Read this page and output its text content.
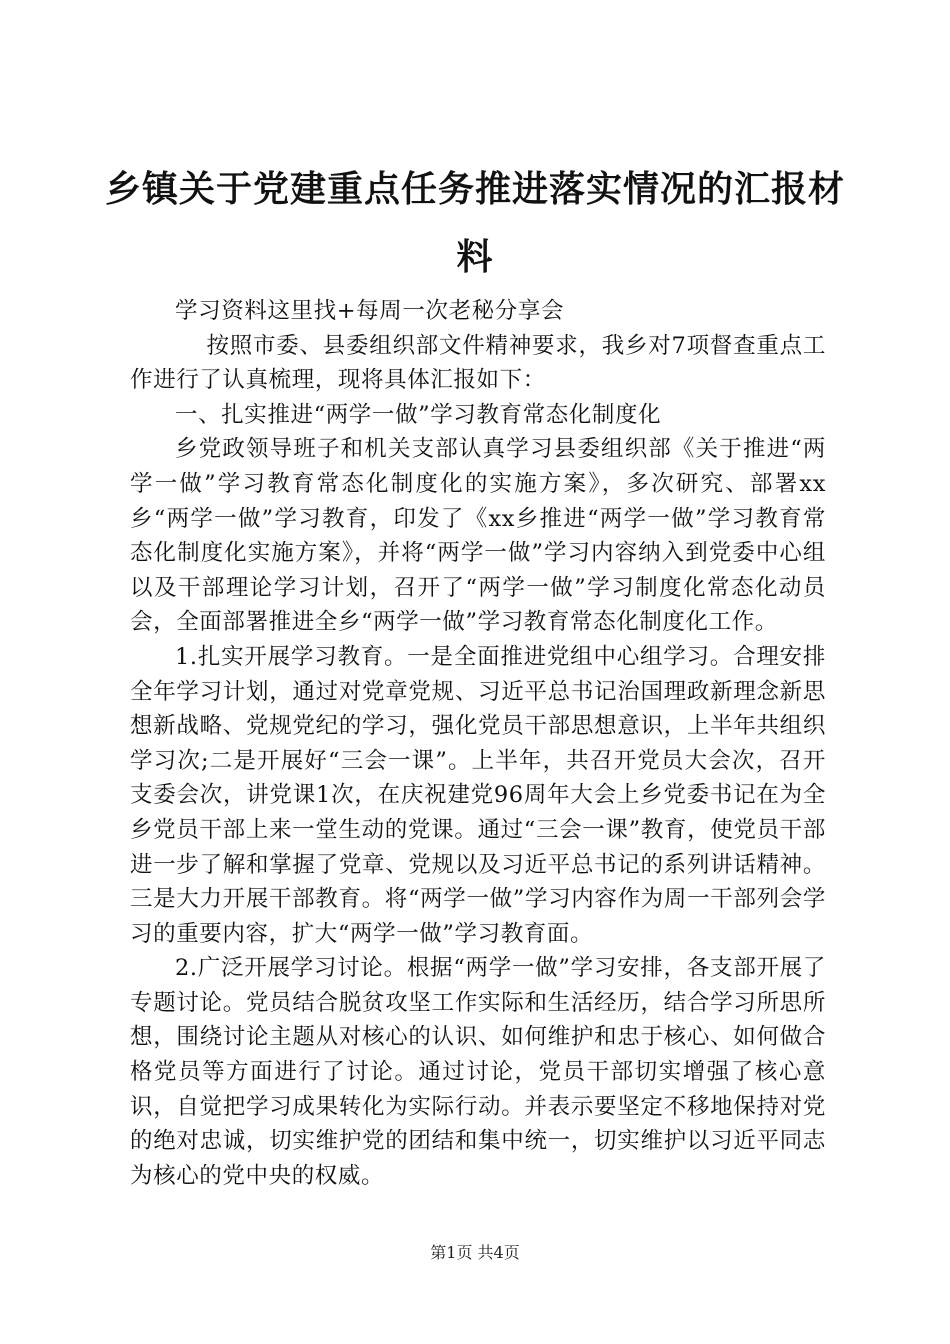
乡镇关于党建重点任务推进落实情况的汇报材料

学习资料这里找+每周一次老秘分享会

按照市委、县委组织部文件精神要求，我乡对7项督查重点工作进行了认真梳理，现将具体汇报如下：

一、扎实推进“两学一做”学习教育常态化制度化

乡党政领导班子和机关支部认真学习县委组织部《关于推进“两学一做”学习教育常态化制度化的实施方案》，多次研究、部署xx乡“两学一做”学习教育，印发了《xx乡推进“两学一做”学习教育常态化制度化实施方案》，并将“两学一做”学习内容纳入到党委中心组以及干部理论学习计划，召开了“两学一做”学习制度化常态化动员会，全面部署推进全乡“两学一做”学习教育常态化制度化工作。

1.扎实开展学习教育。一是全面推进党组中心组学习。合理安排全年学习计划，通过对党章党规、习近平总书记治国理政新理念新思想新战略、党规党纪的学习，强化党员干部思想意识，上半年共组织学习次;二是开展好“三会一课”。上半年，共召开党员大会次，召开支委会次，讲党课1次，在庆祝建党96周年大会上乡党委书记在为全乡党员干部上来一堂生动的党课。通过“三会一课”教育，使党员干部进一步了解和掌握了党章、党规以及习近平总书记的系列讲话精神。三是大力开展干部教育。将“两学一做”学习内容作为周一干部列会学习的重要内容，扩大“两学一做”学习教育面。

2.广泛开展学习讨论。根据“两学一做”学习安排，各支部开展了专题讨论。党员结合脱贫攻坚工作实际和生活经历，结合学习所思所想，围绕讨论主题从对核心的认识、如何维护和忠于核心、如何做合格党员等方面进行了讨论。通过讨论，党员干部切实增强了核心意识，自觉把学习成果转化为实际行动。并表示要坚定不移地保持对党的绝对忠诚，切实维护党的团结和集中统一，切实维护以习近平同志为核心的党中央的权威。

第1页 共4页
